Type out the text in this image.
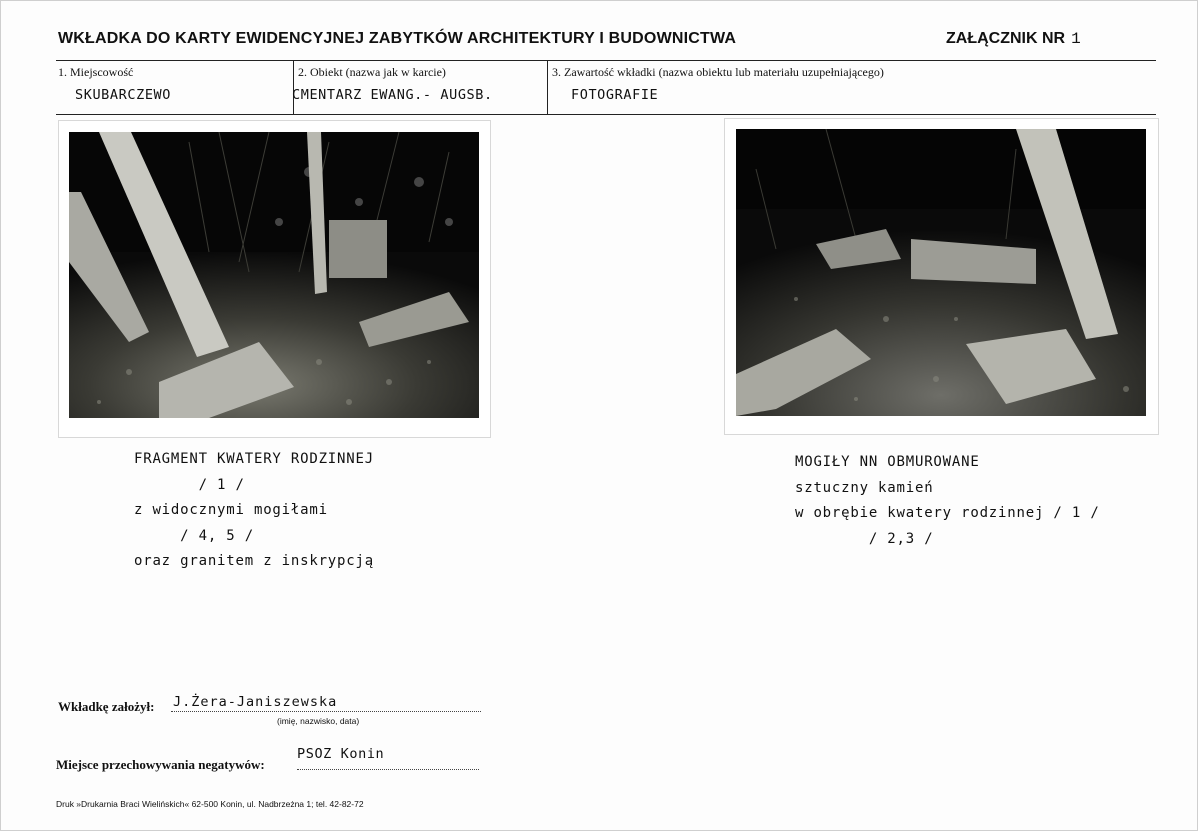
WKŁADKA DO KARTY EWIDENCYJNEJ ZABYTKÓW ARCHITEKTURY I BUDOWNICTWA	ZAŁĄCZNIK NR 1
1. Miejscowość
SKUBARCZEWO
2. Obiekt (nazwa jak w karcie)
CMENTARZ EWANG.- AUGSB.
3. Zawartość wkładki (nazwa obiektu lub materiału uzupełniającego)
FOTOGRAFIE
FRAGMENT KWATERY RODZINNEJ
/ 1 /
z widocznymi mogiłami
/ 4, 5 /
oraz granitem z inskrypcją
MOGIŁY NN OBMUROWANE
sztuczny kamień
w obrębie kwatery rodzinnej / 1 /
/ 2,3 /
Wkładkę założył: J.Żera-Janiszewska
(imię, nazwisko, data)
Miejsce przechowywania negatywów:
PSOZ Konin
Druk »Drukarnia Braci Wielińskich« 62-500 Konin, ul. Nadbrzeżna 1; tel. 42-82-72
